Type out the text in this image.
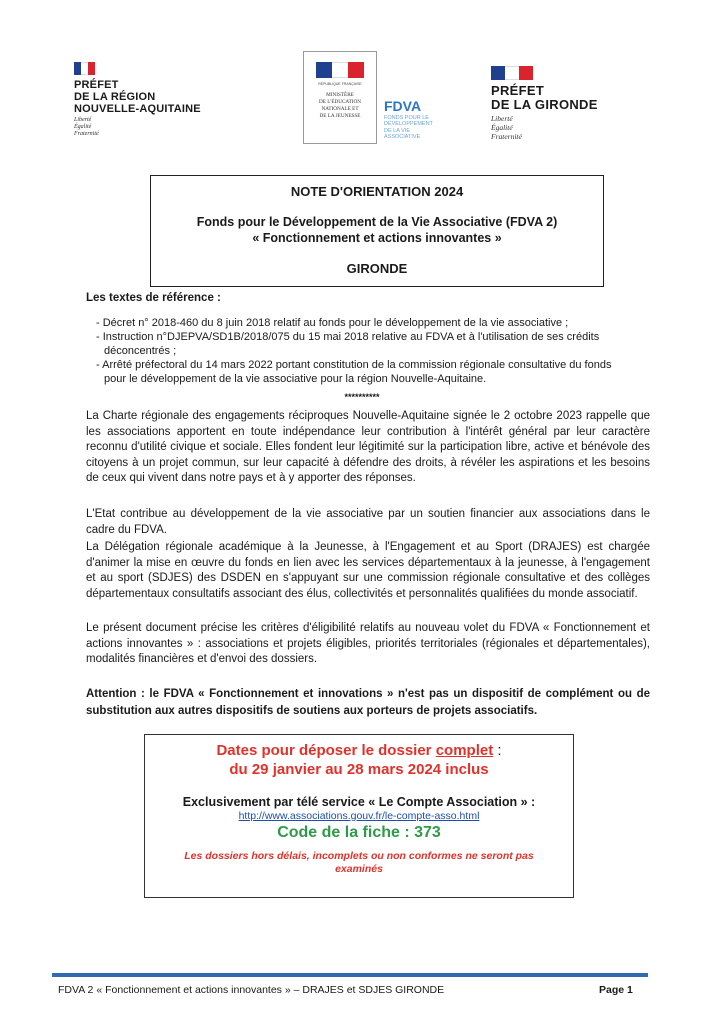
PRÉFET
DE LA RÉGION
NOUVELLE-AQUITAINE
Liberté
Égalité
Fraternité
RÉPUBLIQUE FRANÇAISE
MINISTÈRE
DE L'ÉDUCATION
NATIONALE ET
DE LA JEUNESSE
FDVA
FONDS POUR LE
DÉVELOPPEMENT
DE LA VIE
ASSOCIATIVE
PRÉFET
DE LA GIRONDE
Liberté
Égalité
Fraternité
NOTE D'ORIENTATION 2024
Fonds pour le Développement de la Vie Associative (FDVA 2)
« Fonctionnement et actions innovantes »
GIRONDE
Les textes de référence :
- Décret n° 2018-460 du 8 juin 2018 relatif au fonds pour le développement de la vie associative ;
- Instruction n°DJEPVA/SD1B/2018/075 du 15 mai 2018 relative au FDVA et à l'utilisation de ses crédits
déconcentrés ;
- Arrêté préfectoral du 14 mars 2022 portant constitution de la commission régionale consultative du fonds
pour le développement de la vie associative pour la région Nouvelle-Aquitaine.
**********
La Charte régionale des engagements réciproques Nouvelle-Aquitaine signée le 2 octobre 2023 rappelle que les associations apportent en toute indépendance leur contribution à l'intérêt général par leur caractère reconnu d'utilité civique et sociale. Elles fondent leur légitimité sur la participation libre, active et bénévole des citoyens à un projet commun, sur leur capacité à défendre des droits, à révéler les aspirations et les besoins de ceux qui vivent dans notre pays et à y apporter des réponses.
L'Etat contribue au développement de la vie associative par un soutien financier aux associations dans le cadre du FDVA.
La Délégation régionale académique à la Jeunesse, à l'Engagement et au Sport (DRAJES) est chargée d'animer la mise en œuvre du fonds en lien avec les services départementaux à la jeunesse, à l'engagement et au sport (SDJES) des DSDEN en s'appuyant sur une commission régionale consultative et des collèges départementaux consultatifs associant des élus, collectivités et personnalités qualifiées du monde associatif.
Le présent document précise les critères d'éligibilité relatifs au nouveau volet du FDVA « Fonctionnement et actions innovantes » : associations et projets éligibles, priorités territoriales (régionales et départementales), modalités financières et d'envoi des dossiers.
Attention : le FDVA « Fonctionnement et innovations » n'est pas un dispositif de complément ou de substitution aux autres dispositifs de soutiens aux porteurs de projets associatifs.
Dates pour déposer le dossier complet :
du 29 janvier au 28 mars 2024 inclus
Exclusivement par télé service « Le Compte Association » :
http://www.associations.gouv.fr/le-compte-asso.html
Code de la fiche : 373
Les dossiers hors délais, incomplets ou non conformes ne seront pas examinés
FDVA 2 « Fonctionnement et actions innovantes » – DRAJES et SDJES GIRONDE	Page 1
